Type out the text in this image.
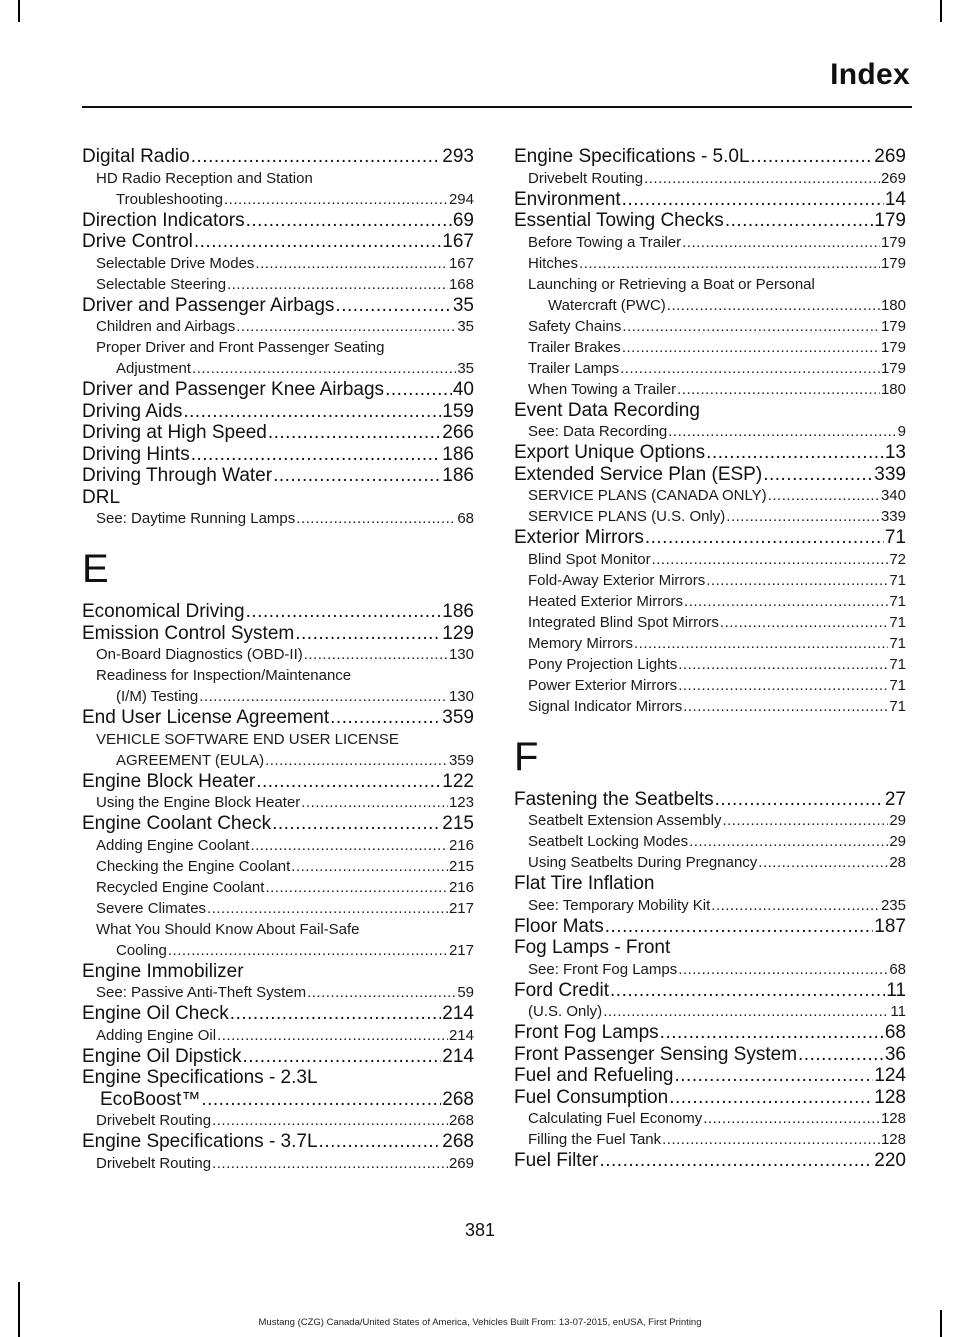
Index
Digital Radio .....	293
HD Radio Reception and Station
Troubleshooting .....	294
Direction Indicators .....	69
Drive Control .....	167
Selectable Drive Modes .....	167
Selectable Steering .....	168
Driver and Passenger Airbags .....	35
Children and Airbags .....	35
Proper Driver and Front Passenger Seating
Adjustment .....	35
Driver and Passenger Knee Airbags .....	40
Driving Aids .....	159
Driving at High Speed .....	266
Driving Hints .....	186
Driving Through Water .....	186
DRL
See: Daytime Running Lamps .....	68
E
Economical Driving .....	186
Emission Control System .....	129
On-Board Diagnostics (OBD-II) .....	130
Readiness for Inspection/Maintenance
(I/M) Testing .....	130
End User License Agreement .....	359
VEHICLE SOFTWARE END USER LICENSE
AGREEMENT (EULA) .....	359
Engine Block Heater .....	122
Using the Engine Block Heater .....	123
Engine Coolant Check .....	215
Adding Engine Coolant .....	216
Checking the Engine Coolant .....	215
Recycled Engine Coolant .....	216
Severe Climates .....	217
What You Should Know About Fail-Safe
Cooling .....	217
Engine Immobilizer
See: Passive Anti-Theft System .....	59
Engine Oil Check .....	214
Adding Engine Oil .....	214
Engine Oil Dipstick .....	214
Engine Specifications - 2.3L
EcoBoost™ .....	268
Drivebelt Routing .....	268
Engine Specifications - 3.7L .....	268
Drivebelt Routing .....	269
Engine Specifications - 5.0L .....	269
Drivebelt Routing .....	269
Environment .....	14
Essential Towing Checks .....	179
Before Towing a Trailer .....	179
Hitches .....	179
Launching or Retrieving a Boat or Personal
Watercraft (PWC) .....	180
Safety Chains .....	179
Trailer Brakes .....	179
Trailer Lamps .....	179
When Towing a Trailer .....	180
Event Data Recording
See: Data Recording .....	9
Export Unique Options .....	13
Extended Service Plan (ESP) .....	339
SERVICE PLANS (CANADA ONLY) .....	340
SERVICE PLANS (U.S. Only) .....	339
Exterior Mirrors .....	71
Blind Spot Monitor .....	72
Fold-Away Exterior Mirrors .....	71
Heated Exterior Mirrors .....	71
Integrated Blind Spot Mirrors .....	71
Memory Mirrors .....	71
Pony Projection Lights .....	71
Power Exterior Mirrors .....	71
Signal Indicator Mirrors .....	71
F
Fastening the Seatbelts .....	27
Seatbelt Extension Assembly .....	29
Seatbelt Locking Modes .....	29
Using Seatbelts During Pregnancy .....	28
Flat Tire Inflation
See: Temporary Mobility Kit .....	235
Floor Mats .....	187
Fog Lamps - Front
See: Front Fog Lamps .....	68
Ford Credit .....	11
(U.S. Only) .....	11
Front Fog Lamps .....	68
Front Passenger Sensing System .....	36
Fuel and Refueling .....	124
Fuel Consumption .....	128
Calculating Fuel Economy .....	128
Filling the Fuel Tank .....	128
Fuel Filter .....	220
381
Mustang (CZG) Canada/United States of America, Vehicles Built From: 13-07-2015, enUSA, First Printing
